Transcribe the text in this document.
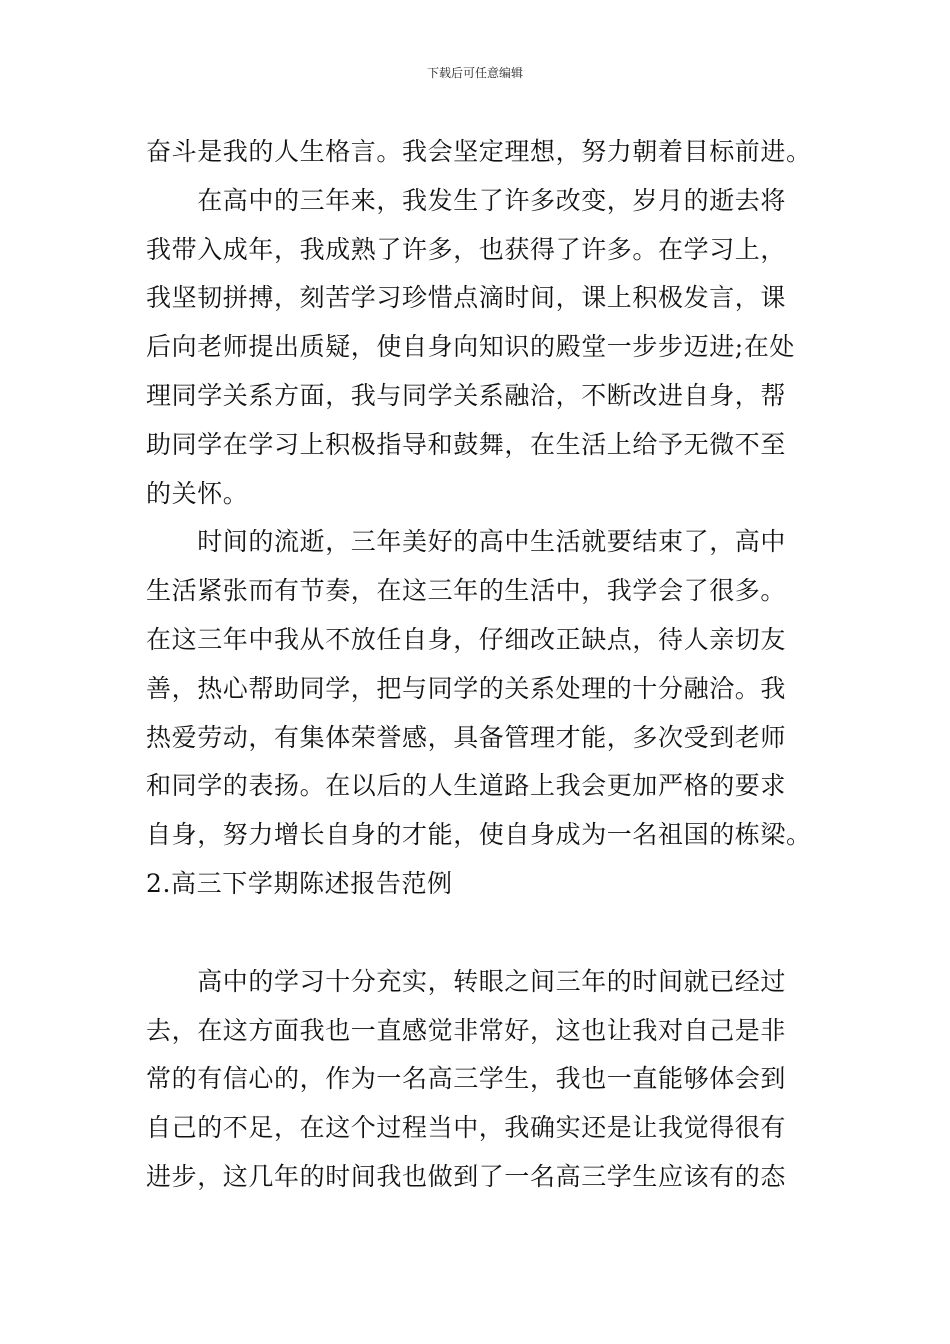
下载后可任意编辑
奋斗是我的人生格言。我会坚定理想，努力朝着目标前进。
　　在高中的三年来，我发生了许多改变，岁月的逝去将
我带入成年，我成熟了许多，也获得了许多。在学习上，
我坚韧拼搏，刻苦学习珍惜点滴时间，课上积极发言，课
后向老师提出质疑，使自身向知识的殿堂一步步迈进;在处
理同学关系方面，我与同学关系融洽，不断改进自身，帮
助同学在学习上积极指导和鼓舞，在生活上给予无微不至
的关怀。
　　时间的流逝，三年美好的高中生活就要结束了，高中
生活紧张而有节奏，在这三年的生活中，我学会了很多。
在这三年中我从不放任自身，仔细改正缺点，待人亲切友
善，热心帮助同学，把与同学的关系处理的十分融洽。我
热爱劳动，有集体荣誉感，具备管理才能，多次受到老师
和同学的表扬。在以后的人生道路上我会更加严格的要求
自身，努力增长自身的才能，使自身成为一名祖国的栋梁。
2.高三下学期陈述报告范例
　　高中的学习十分充实，转眼之间三年的时间就已经过
去，在这方面我也一直感觉非常好，这也让我对自己是非
常的有信心的，作为一名高三学生，我也一直能够体会到
自己的不足，在这个过程当中，我确实还是让我觉得很有
进步，这几年的时间我也做到了一名高三学生应该有的态
